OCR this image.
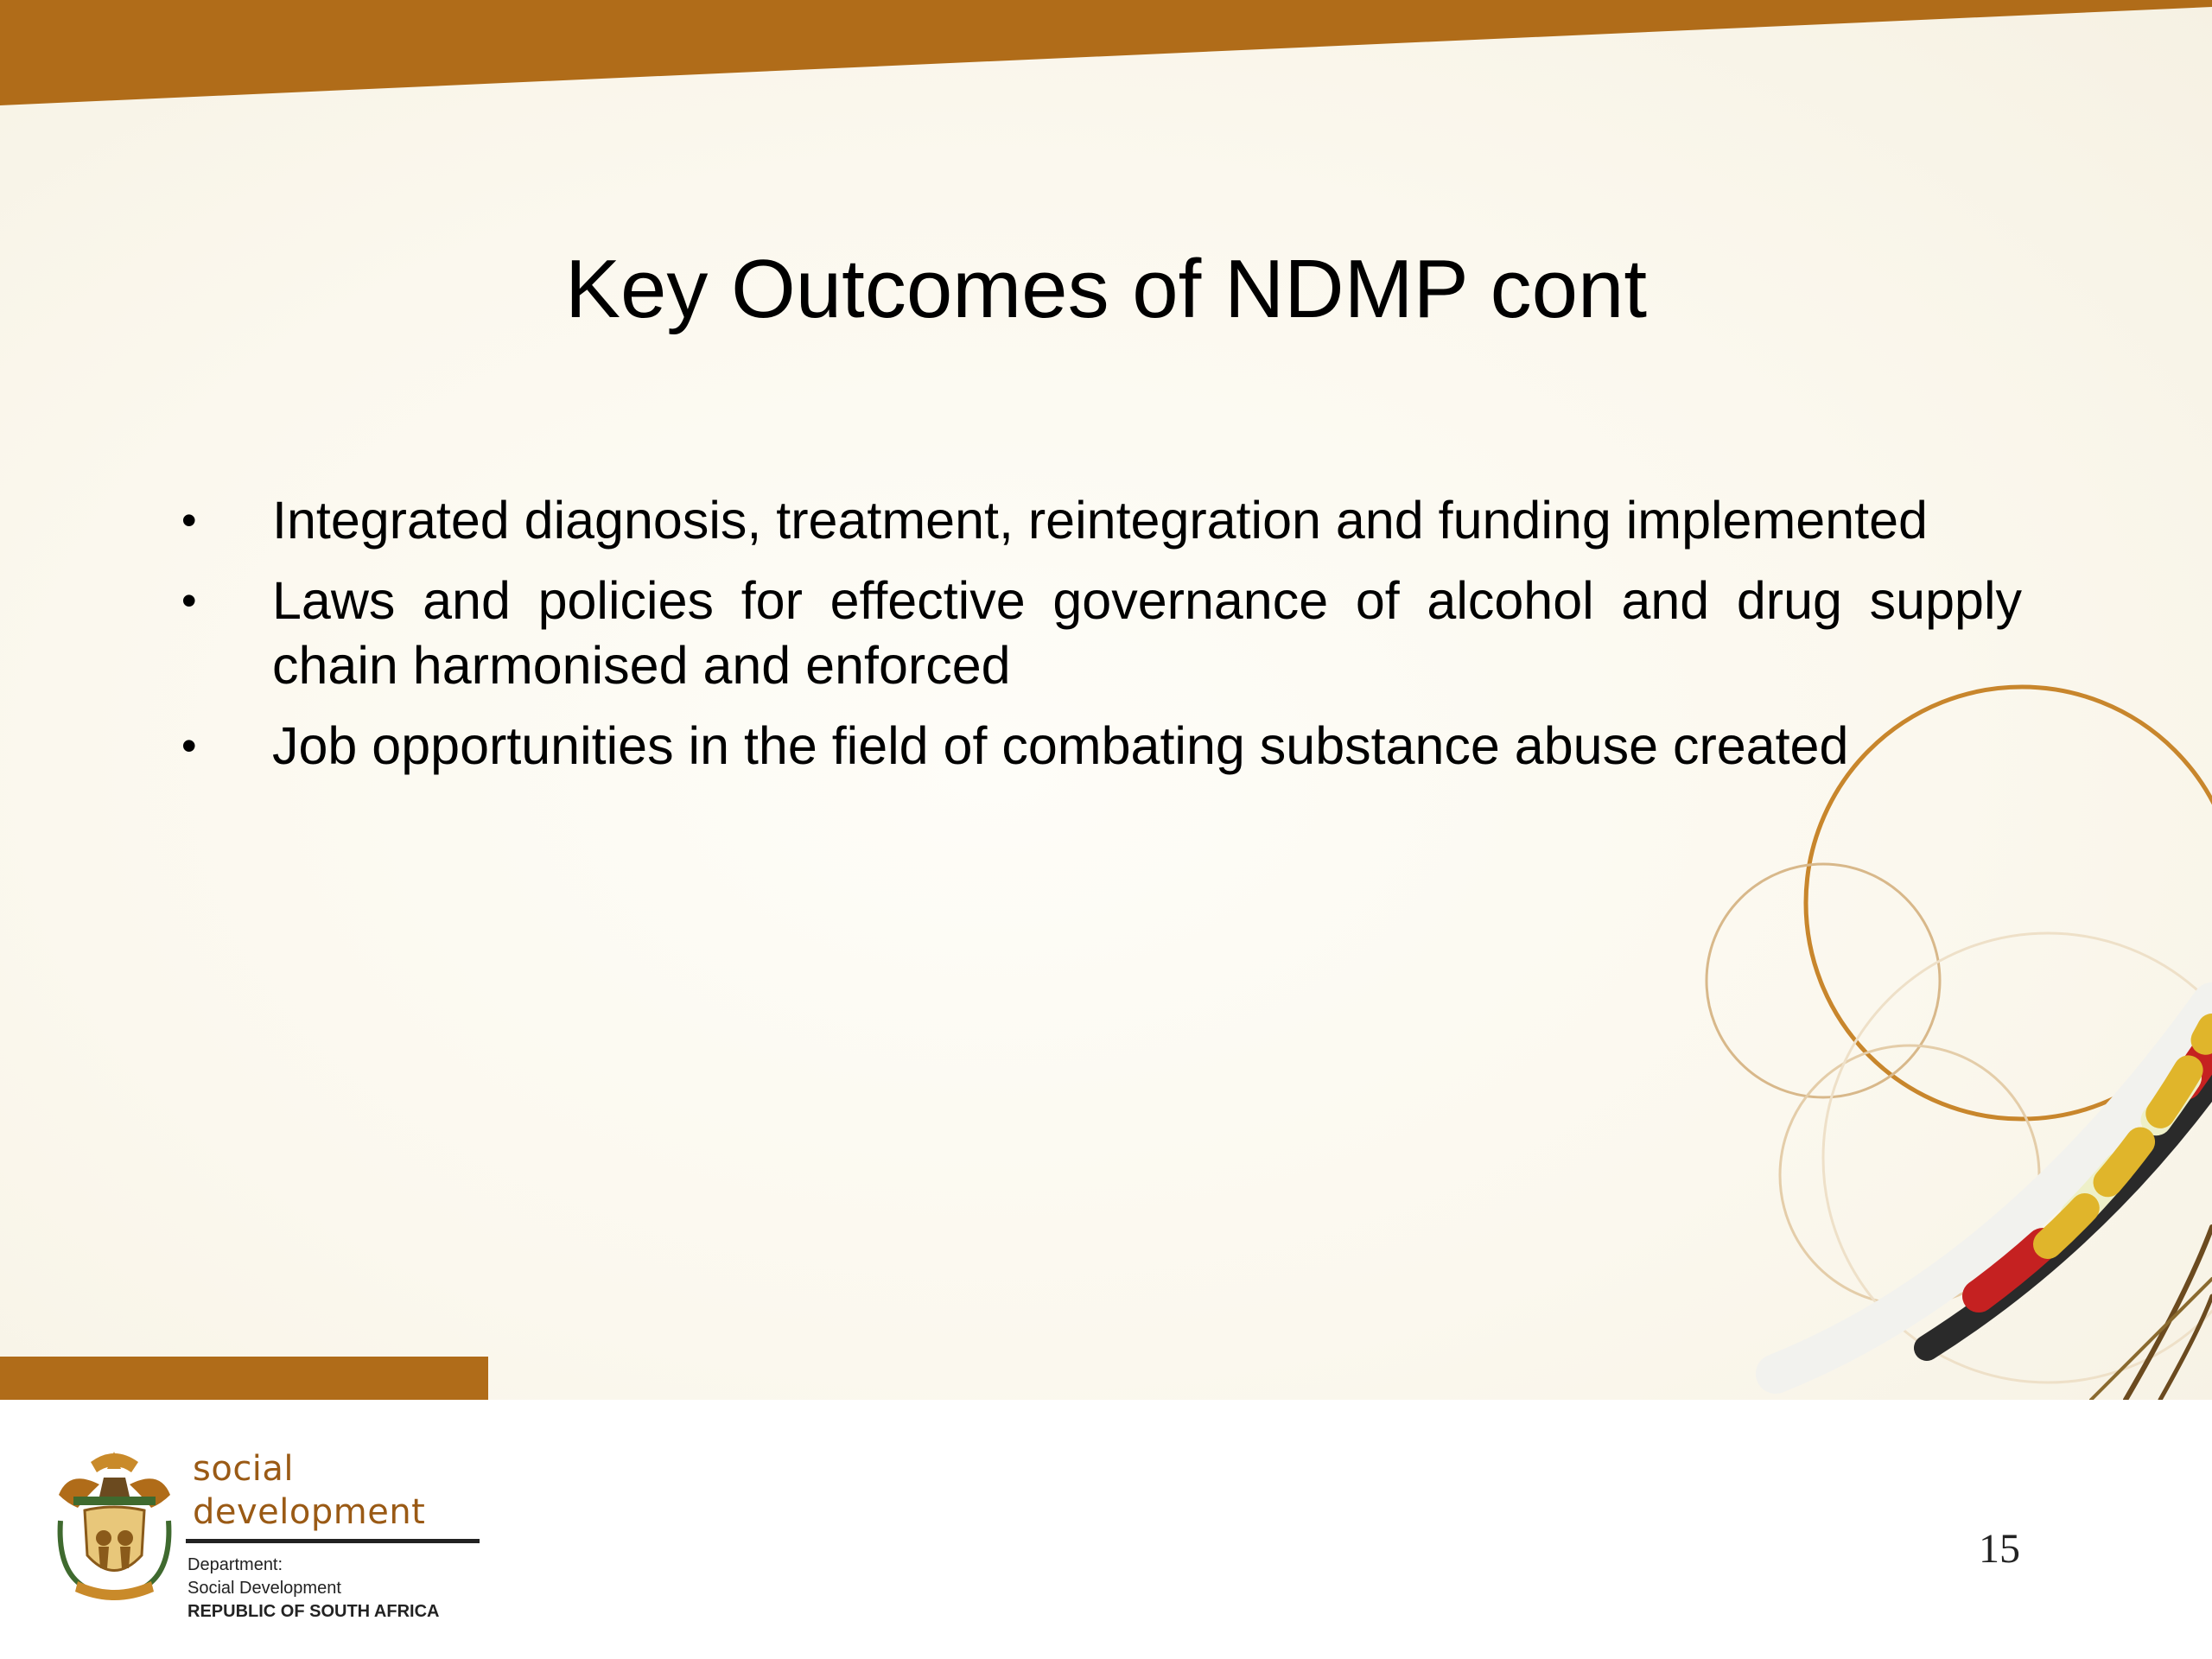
Key Outcomes of NDMP cont
• Integrated diagnosis, treatment, reintegration and funding implemented
• Laws and policies for effective governance of alcohol and drug supply chain harmonised and enforced
• Job opportunities in the field of combating substance abuse created
social development
Department:
Social Development
REPUBLIC OF SOUTH AFRICA
15
